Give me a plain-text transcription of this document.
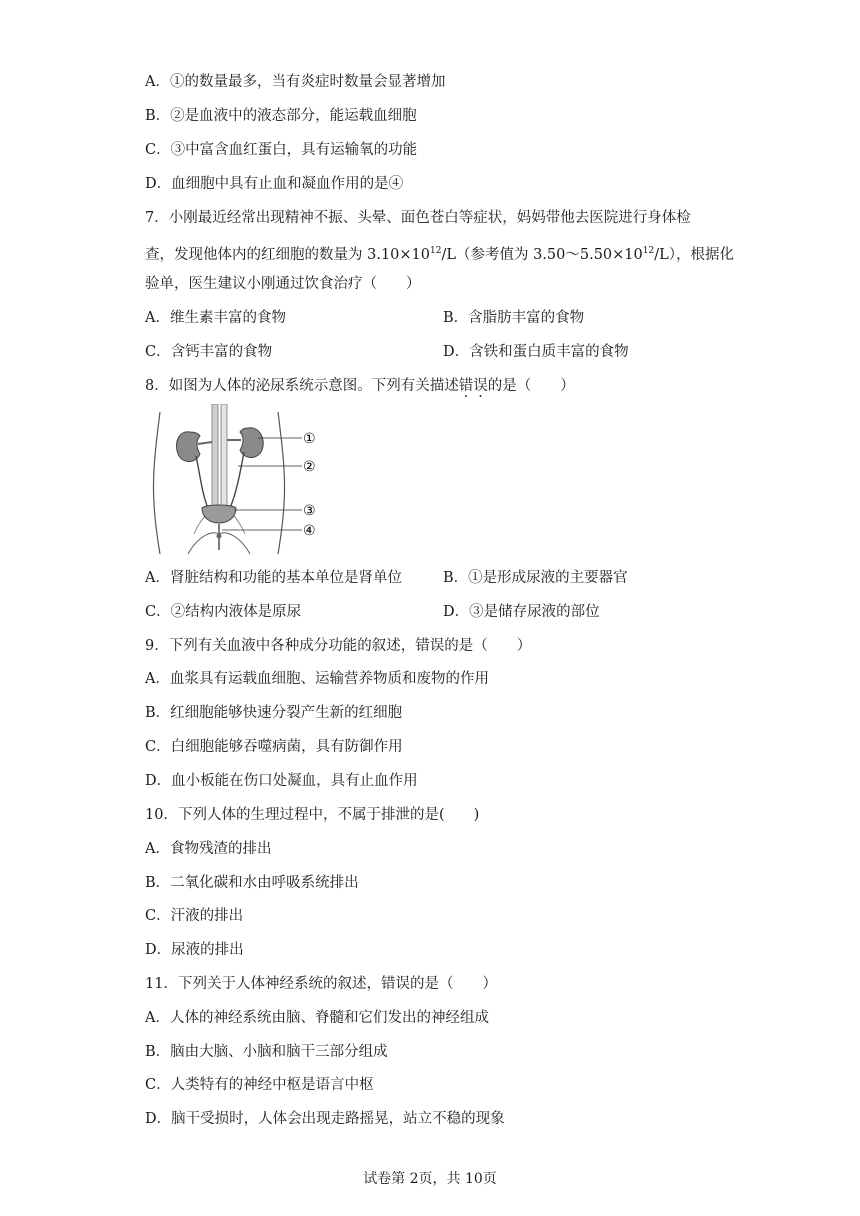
A．①的数量最多，当有炎症时数量会显著增加
B．②是血液中的液态部分，能运载血细胞
C．③中富含血红蛋白，具有运输氧的功能
D．血细胞中具有止血和凝血作用的是④
7．小刚最近经常出现精神不振、头晕、面色苍白等症状，妈妈带他去医院进行身体检
查，发现他体内的红细胞的数量为 $3.10\times 10^{12}/L$（参考值为 $3.50\sim 5.50\times 10^{12}/L$），根据化
验单，医生建议小刚通过饮食治疗（　　）
A．维生素丰富的食物	B．含脂肪丰富的食物
C．含钙丰富的食物	D．含铁和蛋白质丰富的食物
8．如图为人体的泌尿系统示意图。下列有关描述错误的是（　　）
①
②
③
④
A．肾脏结构和功能的基本单位是肾单位	B．①是形成尿液的主要器官
C．②结构内液体是原尿	D．③是储存尿液的部位
9．下列有关血液中各种成分功能的叙述，错误的是（　　）
A．血浆具有运载血细胞、运输营养物质和废物的作用
B．红细胞能够快速分裂产生新的红细胞
C．白细胞能够吞噬病菌，具有防御作用
D．血小板能在伤口处凝血，具有止血作用
10．下列人体的生理过程中，不属于排泄的是(　　)
A．食物残渣的排出
B．二氧化碳和水由呼吸系统排出
C．汗液的排出
D．尿液的排出
11．下列关于人体神经系统的叙述，错误的是（　　）
A．人体的神经系统由脑、脊髓和它们发出的神经组成
B．脑由大脑、小脑和脑干三部分组成
C．人类特有的神经中枢是语言中枢
D．脑干受损时，人体会出现走路摇晃，站立不稳的现象
试卷第 2页，共 10页
